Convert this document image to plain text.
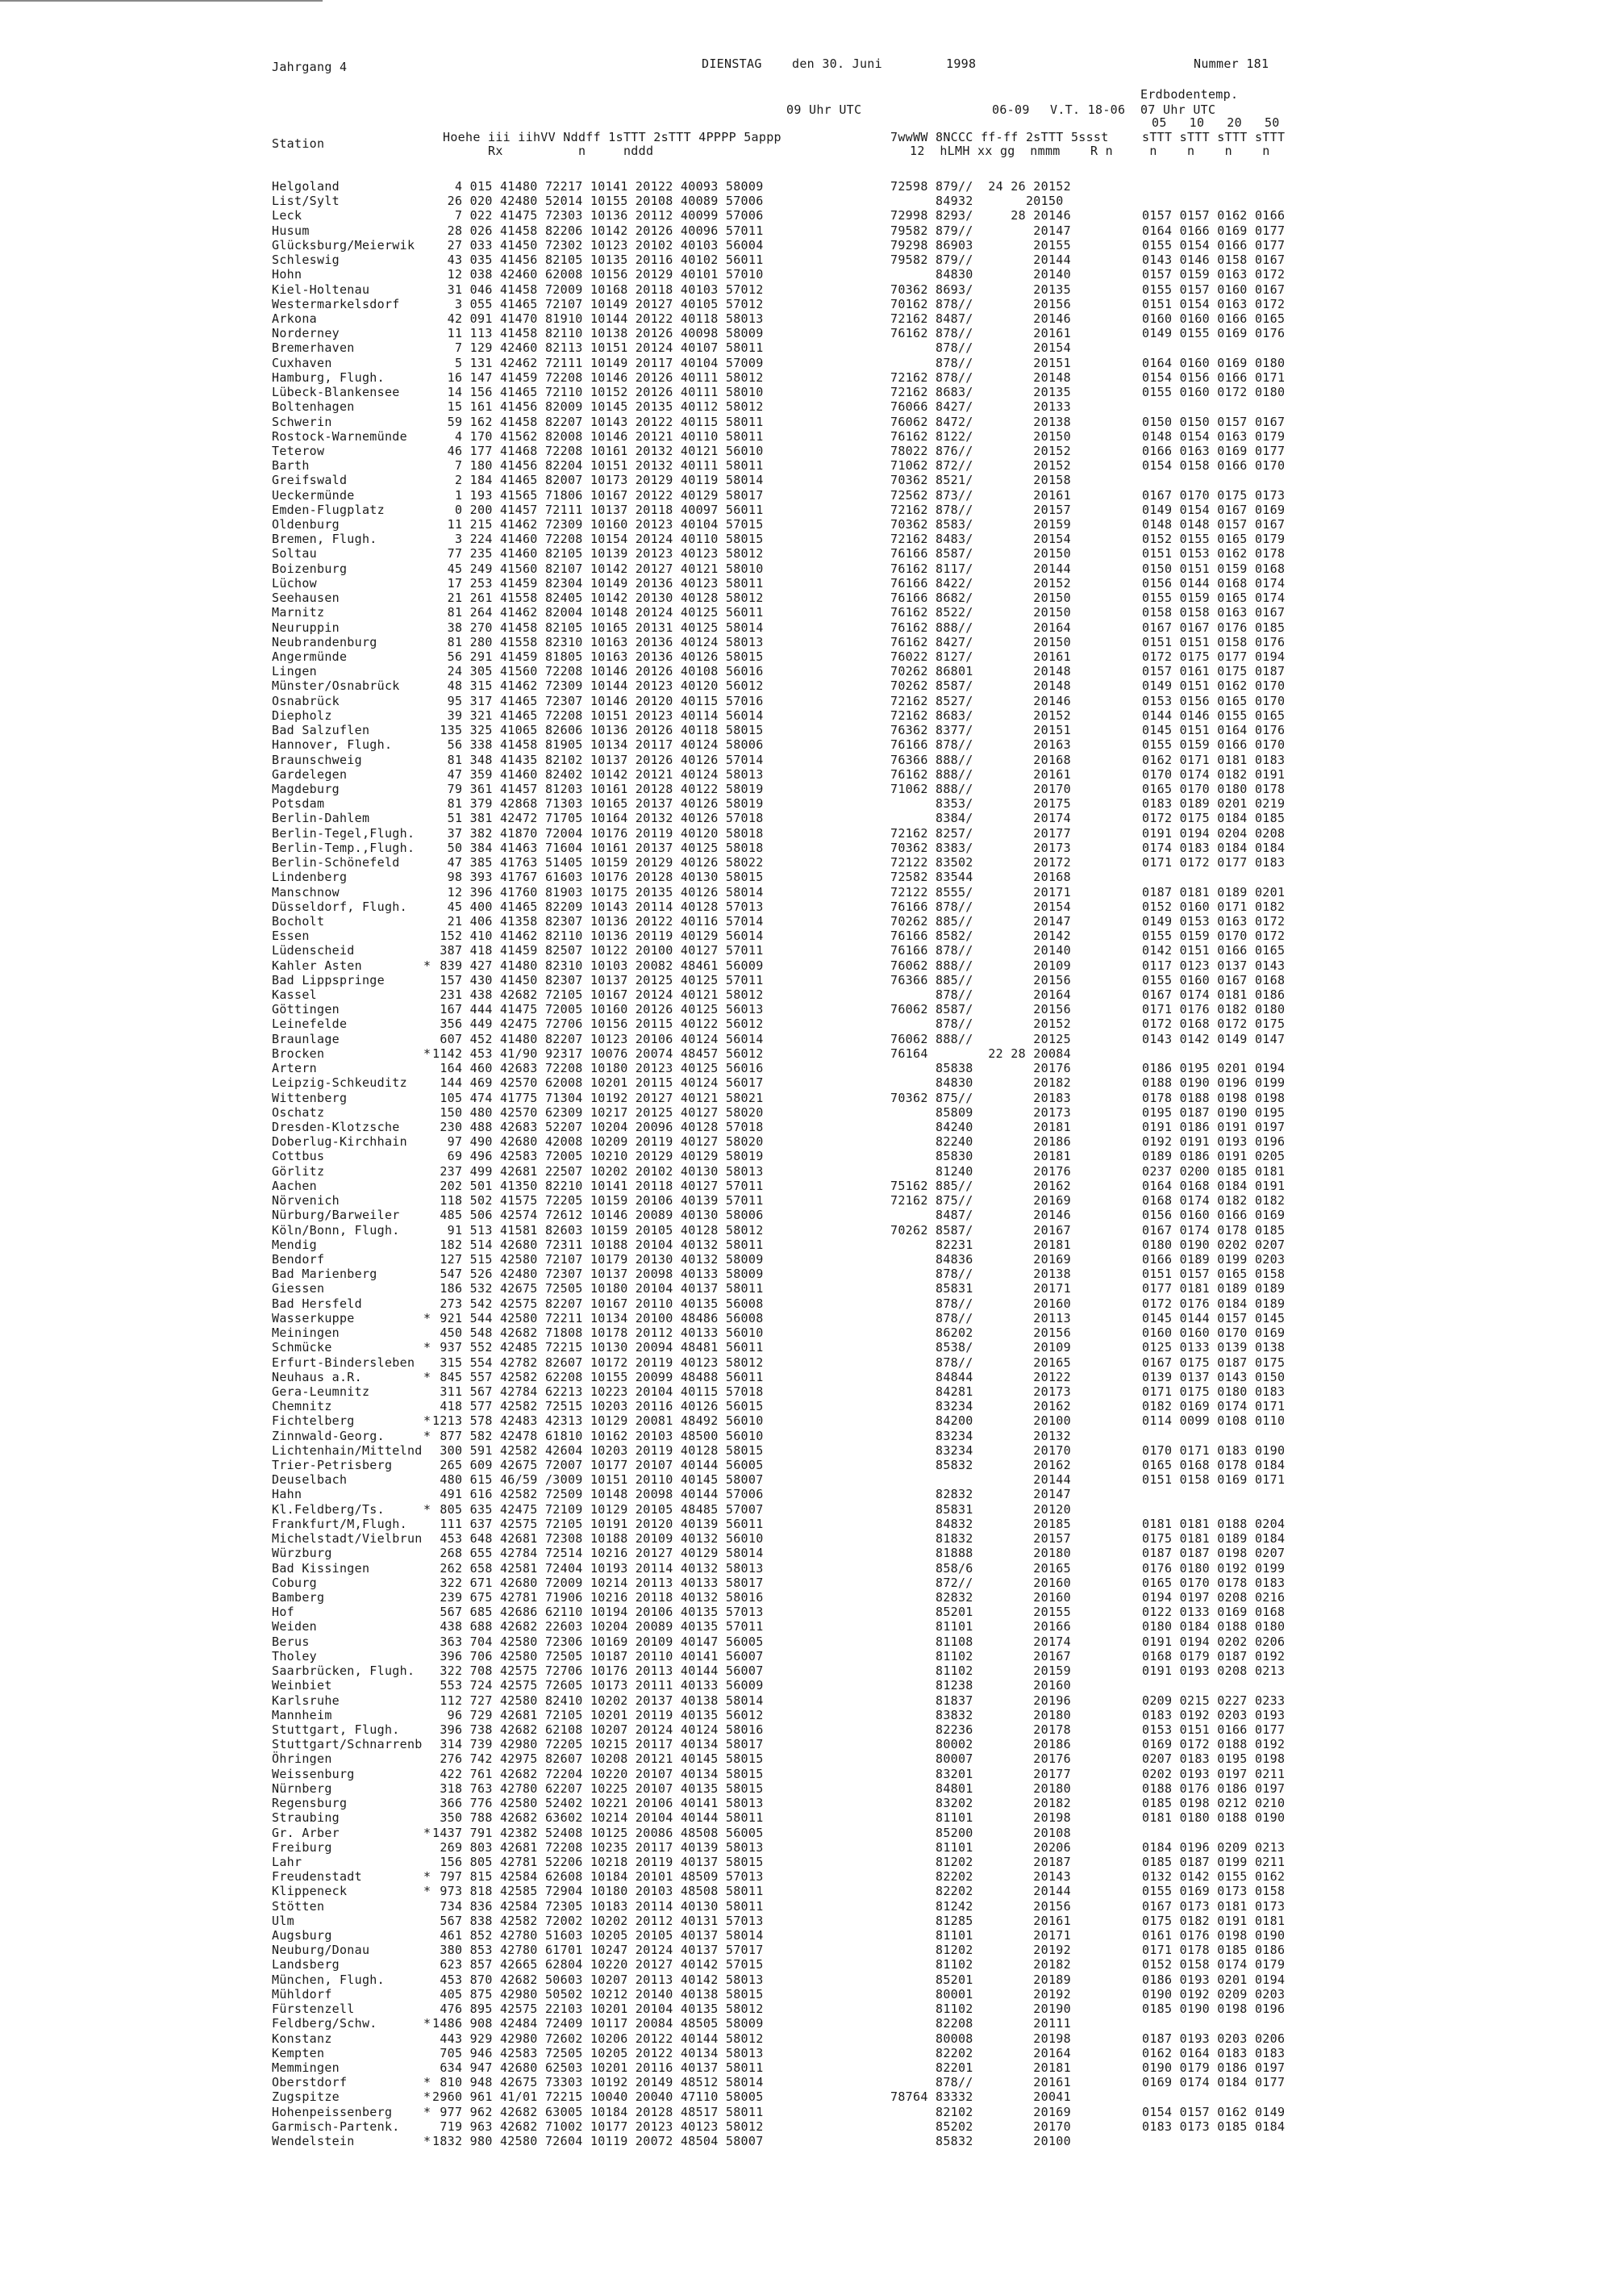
Jahrgang 4	DIENSTAG den 30. Juni	1998	Nummer 181
Erdbodentemp.
09 Uhr UTC	06-09 V.T. 18-06 07 Uhr UTC
05   10   20   50
Station	Hoehe iii iihVV Nddff 1sTTT 2sTTT 4PPPP 5appp
Rx          n     nddd
7wwWW 8NCCC ff-ff 2sTTT 5ssst
12  hLMH xx gg  nmmm    R n
sTTT sTTT sTTT sTTT
n    n    n    n
Helgoland	4 015 41480 72217 10141 20122 40093 58009	72598 879//  24 26 20152
List/Sylt	26 020 42480 52014 10155 20108 40089 57006	84932       20150
Leck	7 022 41475 72303 10136 20112 40099 57006	72998 8293/     28 20146	0157 0157 0162 0166
Husum	28 026 41458 82206 10142 20126 40096 57011	79582 879//        20147	0164 0166 0169 0177
Glücksburg/Meierwik 27 033 41450 72302 10123 20102 40103 56004	79298 86903        20155	0155 0154 0166 0177
Schleswig	43 035 41456 82105 10135 20116 40102 56011	79582 879//        20144	0143 0146 0158 0167
Hohn	12 038 42460 62008 10156 20129 40101 57010	84830        20140	0157 0159 0163 0172
Kiel-Holtenau	31 046 41458 72009 10168 20118 40103 57012	70362 8693/        20135	0155 0157 0160 0167
Westermarkelsdorf	3 055 41465 72107 10149 20127 40105 57012	70162 878//        20156	0151 0154 0163 0172
Arkona	42 091 41470 81910 10144 20122 40118 58013	72162 8487/        20146	0160 0160 0166 0165
Norderney	11 113 41458 82110 10138 20126 40098 58009	76162 878//        20161	0149 0155 0169 0176
Bremerhaven	7 129 42460 82113 10151 20124 40107 58011	878//        20154
Cuxhaven	5 131 42462 72111 10149 20117 40104 57009	878//        20151	0164 0160 0169 0180
Hamburg, Flugh.	16 147 41459 72208 10146 20126 40111 58012	72162 878//        20148	0154 0156 0166 0171
Lübeck-Blankensee	14 156 41465 72110 10152 20126 40111 58010	72162 8683/        20135	0155 0160 0172 0180
Boltenhagen	15 161 41456 82009 10145 20135 40112 58012	76066 8427/        20133
Schwerin	59 162 41458 82207 10143 20122 40115 58011	76062 8472/        20138	0150 0150 0157 0167
Rostock-Warnemünde 4 170 41562 82008 10146 20121 40110 58011	76162 8122/        20150	0148 0154 0163 0179
Teterow	46 177 41468 72208 10161 20132 40121 56010	78022 876//        20152	0166 0163 0169 0177
Barth	7 180 41456 82204 10151 20132 40111 58011	71062 872//        20152	0154 0158 0166 0170
Greifswald	2 184 41465 82007 10173 20129 40119 58014	70362 8521/        20158
Ueckermünde	1 193 41565 71806 10167 20122 40129 58017	72562 873//        20161	0167 0170 0175 0173
Emden-Flugplatz	0 200 41457 72111 10137 20118 40097 56011	72162 878//        20157	0149 0154 0167 0169
Oldenburg	11 215 41462 72309 10160 20123 40104 57015	70362 8583/        20159	0148 0148 0157 0167
Bremen, Flugh.	3 224 41460 72208 10154 20124 40110 58015	72162 8483/        20154	0152 0155 0165 0179
Soltau	77 235 41460 82105 10139 20123 40123 58012	76166 8587/        20150	0151 0153 0162 0178
Boizenburg	45 249 41560 82107 10142 20127 40121 58010	76162 8117/        20144	0150 0151 0159 0168
Lüchow	17 253 41459 82304 10149 20136 40123 58011	76166 8422/        20152	0156 0144 0168 0174
Seehausen	21 261 41558 82405 10142 20130 40128 58012	76166 8682/        20150	0155 0159 0165 0174
Marnitz	81 264 41462 82004 10148 20124 40125 56011	76162 8522/        20150	0158 0158 0163 0167
Neuruppin	38 270 41458 82105 10165 20131 40125 58014	76162 888//        20164	0167 0167 0176 0185
Neubrandenburg	81 280 41558 82310 10163 20136 40124 58013	76162 8427/        20150	0151 0151 0158 0176
Angermünde	56 291 41459 81805 10163 20136 40126 58015	76022 8127/        20161	0172 0175 0177 0194
Lingen	24 305 41560 72208 10146 20126 40108 56016	70262 86801        20148	0157 0161 0175 0187
Münster/Osnabrück	48 315 41462 72309 10144 20123 40120 56012	70262 8587/        20148	0149 0151 0162 0170
Osnabrück	95 317 41465 72307 10146 20120 40115 57016	72162 8527/        20146	0153 0156 0165 0170
Diepholz	39 321 41465 72208 10151 20123 40114 56014	72162 8683/        20152	0144 0146 0155 0165
Bad Salzuflen	135 325 41065 82606 10136 20126 40118 58015	76362 8377/        20151	0145 0151 0164 0176
Hannover, Flugh.	56 338 41458 81905 10134 20117 40124 58006	76166 878//        20163	0155 0159 0166 0170
Braunschweig	81 348 41435 82102 10137 20126 40126 57014	76366 888//        20168	0162 0171 0181 0183
Gardelegen	47 359 41460 82402 10142 20121 40124 58013	76162 888//        20161	0170 0174 0182 0191
Magdeburg	79 361 41457 81203 10161 20128 40122 58019	71062 888//        20170	0165 0170 0180 0178
Potsdam	81 379 42868 71303 10165 20137 40126 58019	8353/        20175	0183 0189 0201 0219
Berlin-Dahlem	51 381 42472 71705 10164 20132 40126 57018	8384/        20174	0172 0175 0184 0185
Berlin-Tegel,Flugh. 37 382 41870 72004 10176 20119 40120 58018	72162 8257/        20177	0191 0194 0204 0208
Berlin-Temp.,Flugh. 50 384 41463 71604 10161 20137 40125 58018	70362 8383/        20173	0174 0183 0184 0184
Berlin-Schönefeld	47 385 41763 51405 10159 20129 40126 58022	72122 83502        20172	0171 0172 0177 0183
Lindenberg	98 393 41767 61603 10176 20128 40130 58015	72582 83544        20168
Manschnow	12 396 41760 81903 10175 20135 40126 58014	72122 8555/        20171	0187 0181 0189 0201
Düsseldorf, Flugh. 45 400 41465 82209 10143 20114 40128 57013	76166 878//        20154	0152 0160 0171 0182
Bocholt	21 406 41358 82307 10136 20122 40116 57014	70262 885//        20147	0149 0153 0163 0172
Essen	152 410 41462 82110 10136 20119 40129 56014	76166 8582/        20142	0155 0159 0170 0172
Lüdenscheid	387 418 41459 82507 10122 20100 40127 57011	76166 878//        20140	0142 0151 0166 0165
Kahler Asten	* 839 427 41480 82310 10103 20082 48461 56009	76062 888//        20109	0117 0123 0137 0143
Bad Lippspringe	157 430 41450 82307 10137 20125 40125 57011	76366 885//        20156	0155 0160 0167 0168
Kassel	231 438 42682 72105 10167 20124 40121 58012	878//        20164	0167 0174 0181 0186
Göttingen	167 444 41475 72005 10160 20126 40125 56013	76062 8587/        20156	0171 0176 0182 0180
Leinefelde	356 449 42475 72706 10156 20115 40122 56012	878//        20152	0172 0168 0172 0175
Braunlage	607 452 41480 82207 10123 20106 40124 56014	76062 888//        20125	0143 0142 0149 0147
Brocken	* 1142 453 41/90 92317 10076 20074 48457 56012	76164        22 28 20084
Artern	164 460 42683 72208 10180 20123 40125 56016	85838        20176	0186 0195 0201 0194
Leipzig-Schkeuditz 144 469 42570 62008 10201 20115 40124 56017	84830        20182	0188 0190 0196 0199
Wittenberg	105 474 41775 71304 10192 20127 40121 58021	70362 875//        20183	0178 0188 0198 0198
Oschatz	150 480 42570 62309 10217 20125 40127 58020	85809        20173	0195 0187 0190 0195
Dresden-Klotzsche	230 488 42683 52207 10204 20096 40128 57018	84240        20181	0191 0186 0191 0197
Doberlug-Kirchhain 97 490 42680 42008 10209 20119 40127 58020	82240        20186	0192 0191 0193 0196
Cottbus	69 496 42583 72005 10210 20129 40129 58019	85830        20181	0189 0186 0191 0205
Görlitz	237 499 42681 22507 10202 20102 40130 58013	81240        20176	0237 0200 0185 0181
Aachen	202 501 41350 82210 10141 20118 40127 57011	75162 885//        20162	0164 0168 0184 0191
Nörvenich	118 502 41575 72205 10159 20106 40139 57011	72162 875//        20169	0168 0174 0182 0182
Nürburg/Barweiler	485 506 42574 72612 10146 20089 40130 58006	8487/        20146	0156 0160 0166 0169
Köln/Bonn, Flugh.	91 513 41581 82603 10159 20105 40128 58012	70262 8587/        20167	0167 0174 0178 0185
Mendig	182 514 42680 72311 10188 20104 40132 58011	82231        20181	0180 0190 0202 0207
Bendorf	127 515 42580 72107 10179 20130 40132 58009	84836        20169	0166 0189 0199 0203
Bad Marienberg	547 526 42480 72307 10137 20098 40133 58009	878//        20138	0151 0157 0165 0158
Giessen	186 532 42675 72505 10180 20104 40137 58011	85831        20171	0177 0181 0189 0189
Bad Hersfeld	273 542 42575 82207 10167 20110 40135 56008	878//        20160	0172 0176 0184 0189
Wasserkuppe	* 921 544 42580 72211 10134 20100 48486 56008	878//        20113	0145 0144 0157 0145
Meiningen	450 548 42682 71808 10178 20112 40133 56010	86202        20156	0160 0160 0170 0169
Schmücke	* 937 552 42485 72215 10130 20094 48481 56011	8538/        20109	0125 0133 0139 0138
Erfurt-Bindersleben 315 554 42782 82607 10172 20119 40123 58012	878//        20165	0167 0175 0187 0175
Neuhaus a.R.	* 845 557 42582 62208 10155 20099 48488 56011	84844        20122	0139 0137 0143 0150
Gera-Leumnitz	311 567 42784 62213 10223 20104 40115 57018	84281        20173	0171 0175 0180 0183
Chemnitz	418 577 42582 72515 10203 20116 40126 56015	83234        20162	0182 0169 0174 0171
Fichtelberg	* 1213 578 42483 42313 10129 20081 48492 56010	84200        20100	0114 0099 0108 0110
Zinnwald-Georg.	* 877 582 42478 61810 10162 20103 48500 56010	83234        20132
Lichtenhain/Mittelnd 300 591 42582 42604 10203 20119 40128 58015	83234        20170	0170 0171 0183 0190
Trier-Petrisberg	265 609 42675 72007 10177 20107 40144 56005	85832        20162	0165 0168 0178 0184
Deuselbach	480 615 46/59 /3009 10151 20110 40145 58007	20144	0151 0158 0169 0171
Hahn	491 616 42582 72509 10148 20098 40144 57006	82832        20147
Kl.Feldberg/Ts.	* 805 635 42475 72109 10129 20105 48485 57007	85831        20120
Frankfurt/M,Flugh. 111 637 42575 72105 10191 20120 40139 56011	84832        20185	0181 0181 0188 0204
Michelstadt/Vielbrun 453 648 42681 72308 10188 20109 40132 56010	81832        20157	0175 0181 0189 0184
Würzburg	268 655 42784 72514 10216 20127 40129 58014	81888        20180	0187 0187 0198 0207
Bad Kissingen	262 658 42581 72404 10193 20114 40132 58013	858/6        20165	0176 0180 0192 0199
Coburg	322 671 42680 72009 10214 20113 40133 58017	872//        20160	0165 0170 0178 0183
Bamberg	239 675 42781 71906 10216 20118 40132 58016	82832        20160	0194 0197 0208 0216
Hof	567 685 42686 62110 10194 20106 40135 57013	85201        20155	0122 0133 0169 0168
Weiden	438 688 42682 22603 10204 20089 40135 57011	81101        20166	0180 0184 0188 0180
Berus	363 704 42580 72306 10169 20109 40147 56005	81108        20174	0191 0194 0202 0206
Tholey	396 706 42580 72505 10187 20110 40141 56007	81102        20167	0168 0179 0187 0192
Saarbrücken, Flugh. 322 708 42575 72706 10176 20113 40144 56007	81102        20159	0191 0193 0208 0213
Weinbiet	553 724 42575 72605 10173 20111 40133 56009	81238        20160
Karlsruhe	112 727 42580 82410 10202 20137 40138 58014	81837        20196	0209 0215 0227 0233
Mannheim	96 729 42681 72105 10201 20119 40135 56012	83832        20180	0183 0192 0203 0193
Stuttgart, Flugh.	396 738 42682 62108 10207 20124 40124 58016	82236        20178	0153 0151 0166 0177
Stuttgart/Schnarrenb 314 739 42980 72205 10215 20117 40134 58017	80002        20186	0169 0172 0188 0192
Öhringen	276 742 42975 82607 10208 20121 40145 58015	80007        20176	0207 0183 0195 0198
Weissenburg	422 761 42682 72204 10220 20107 40134 58015	83201        20177	0202 0193 0197 0211
Nürnberg	318 763 42780 62207 10225 20107 40135 58015	84801        20180	0188 0176 0186 0197
Regensburg	366 776 42580 52402 10221 20106 40141 58013	83202        20182	0185 0198 0212 0210
Straubing	350 788 42682 63602 10214 20104 40144 58011	81101        20198	0181 0180 0188 0190
Gr. Arber	* 1437 791 42382 52408 10125 20086 48508 56005	85200        20108
Freiburg	269 803 42681 72208 10235 20117 40139 58013	81101        20206	0184 0196 0209 0213
Lahr	156 805 42781 52206 10218 20119 40137 58015	81202        20187	0185 0187 0199 0211
Freudenstadt	* 797 815 42584 62608 10184 20101 48509 57013	82202        20143	0132 0142 0155 0162
Klippeneck	* 973 818 42585 72904 10180 20103 48508 58011	82202        20144	0155 0169 0173 0158
Stötten	734 836 42584 72305 10183 20114 40130 58011	81242        20156	0167 0173 0181 0173
Ulm	567 838 42582 72002 10202 20112 40131 57013	81285        20161	0175 0182 0191 0181
Augsburg	461 852 42780 51603 10205 20105 40137 58014	81101        20171	0161 0176 0198 0190
Neuburg/Donau	380 853 42780 61701 10247 20124 40137 57017	81202        20192	0171 0178 0185 0186
Landsberg	623 857 42665 62804 10220 20127 40142 57015	81102        20182	0152 0158 0174 0179
München, Flugh.	453 870 42682 50603 10207 20113 40142 58013	85201        20189	0186 0193 0201 0194
Mühldorf	405 875 42980 50502 10212 20140 40138 58015	80001        20192	0190 0192 0209 0203
Fürstenzell	476 895 42575 22103 10201 20104 40135 58012	81102        20190	0185 0190 0198 0196
Feldberg/Schw.	* 1486 908 42484 72409 10117 20084 48505 58009	82208        20111
Konstanz	443 929 42980 72602 10206 20122 40144 58012	80008        20198	0187 0193 0203 0206
Kempten	705 946 42583 72505 10205 20122 40134 58013	82202        20164	0162 0164 0183 0183
Memmingen	634 947 42680 62503 10201 20116 40137 58011	82201        20181	0190 0179 0186 0197
Oberstdorf	* 810 948 42675 73303 10192 20149 48512 58014	878//        20161	0169 0174 0184 0177
Zugspitze	* 2960 961 41/01 72215 10040 20040 47110 58005	78764 83332        20041
Hohenpeissenberg	* 977 962 42682 63005 10184 20128 48517 58011	82102        20169	0154 0157 0162 0149
Garmisch-Partenk.	719 963 42682 71002 10177 20123 40123 58012	85202        20170	0183 0173 0185 0184
Wendelstein	* 1832 980 42580 72604 10119 20072 48504 58007	85832        20100
